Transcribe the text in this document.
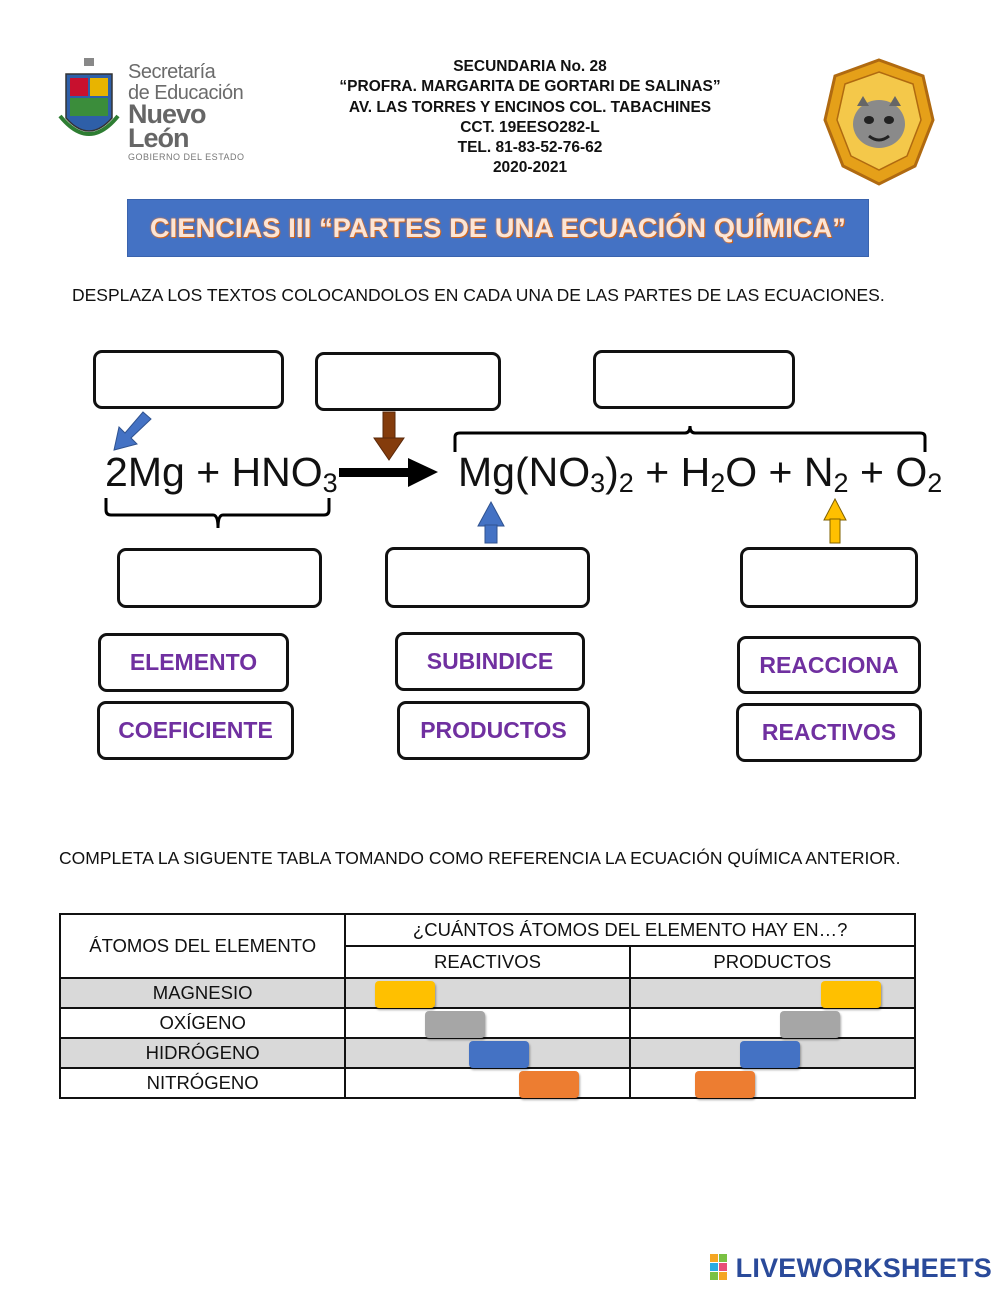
Secretaría
de Educación
Nuevo León
GOBIERNO DEL ESTADO
SECUNDARIA No. 28
“PROFRA. MARGARITA DE GORTARI DE SALINAS”
AV. LAS TORRES Y ENCINOS COL. TABACHINES
CCT. 19EESO282-L
TEL. 81-83-52-76-62
2020-2021
CIENCIAS III “PARTES DE UNA ECUACIÓN QUÍMICA”
DESPLAZA LOS TEXTOS COLOCANDOLOS EN CADA UNA DE LAS PARTES DE LAS ECUACIONES.
$2Mg + HNO_3$	$Mg(NO_3)_2 + H_2O + N_2 + O_2$
ELEMENTO
COEFICIENTE
SUBINDICE
PRODUCTOS
REACCIONA
REACTIVOS
COMPLETA LA SIGUENTE TABLA TOMANDO COMO REFERENCIA LA ECUACIÓN QUÍMICA ANTERIOR.
ÁTOMOS DEL ELEMENTO	¿CUÁNTOS ÁTOMOS DEL ELEMENTO HAY EN…?	
	REACTIVOS	PRODUCTOS
MAGNESIO	

OXÍGENO	

HIDRÓGENO	

NITRÓGENO	

LIVEWORKSHEETS
